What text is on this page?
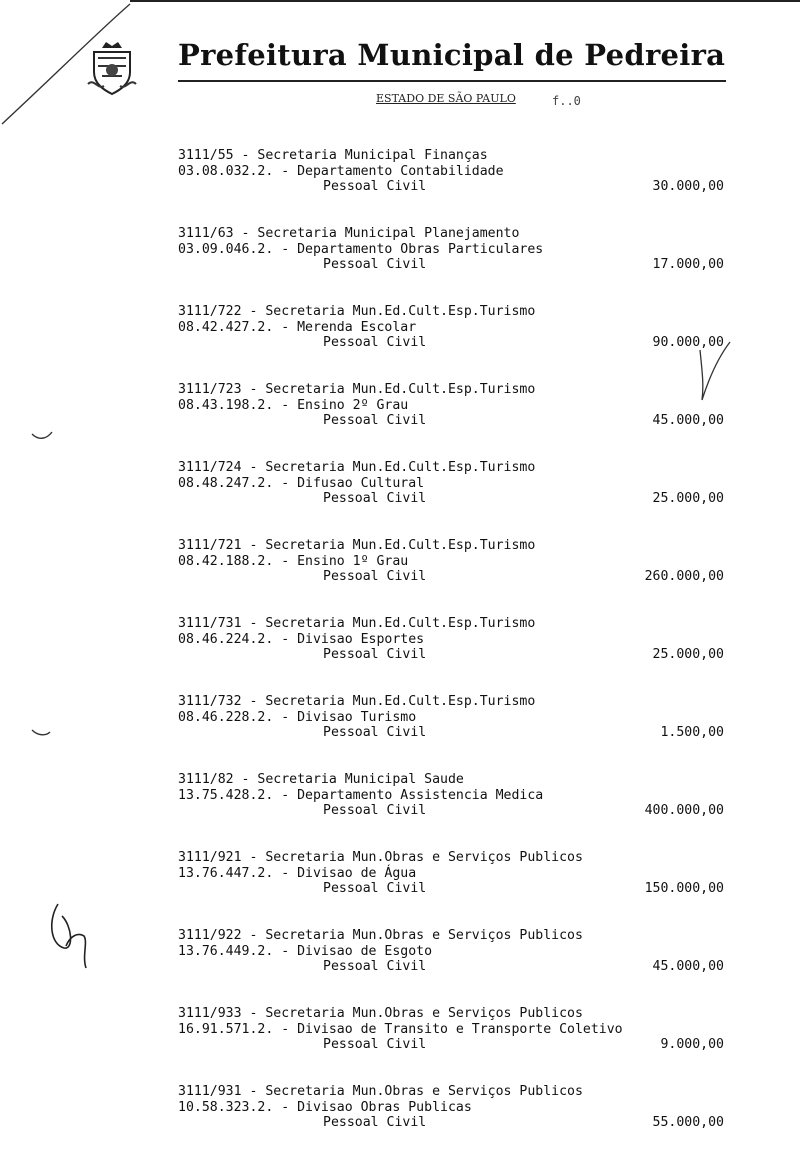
Prefeitura Municipal de Pedreira
ESTADO DE SÃO PAULO	f..0
3111/55 - Secretaria Municipal Finanças
03.08.032.2. - Departamento Contabilidade
Pessoal Civil	30.000,00
3111/63 - Secretaria Municipal Planejamento
03.09.046.2. - Departamento Obras Particulares
Pessoal Civil	17.000,00
3111/722 - Secretaria Mun.Ed.Cult.Esp.Turismo
08.42.427.2. - Merenda Escolar
Pessoal Civil	90.000,00
3111/723 - Secretaria Mun.Ed.Cult.Esp.Turismo
08.43.198.2. - Ensino 2º Grau
Pessoal Civil	45.000,00
3111/724 - Secretaria Mun.Ed.Cult.Esp.Turismo
08.48.247.2. - Difusao Cultural
Pessoal Civil	25.000,00
3111/721 - Secretaria Mun.Ed.Cult.Esp.Turismo
08.42.188.2. - Ensino 1º Grau
Pessoal Civil	260.000,00
3111/731 - Secretaria Mun.Ed.Cult.Esp.Turismo
08.46.224.2. - Divisao Esportes
Pessoal Civil	25.000,00
3111/732 - Secretaria Mun.Ed.Cult.Esp.Turismo
08.46.228.2. - Divisao Turismo
Pessoal Civil	1.500,00
3111/82 - Secretaria Municipal Saude
13.75.428.2. - Departamento Assistencia Medica
Pessoal Civil	400.000,00
3111/921 - Secretaria Mun.Obras e Serviços Publicos
13.76.447.2. - Divisao de Água
Pessoal Civil	150.000,00
3111/922 - Secretaria Mun.Obras e Serviços Publicos
13.76.449.2. - Divisao de Esgoto
Pessoal Civil	45.000,00
3111/933 - Secretaria Mun.Obras e Serviços Publicos
16.91.571.2. - Divisao de Transito e Transporte Coletivo
Pessoal Civil	9.000,00
3111/931 - Secretaria Mun.Obras e Serviços Publicos
10.58.323.2. - Divisao Obras Publicas
Pessoal Civil	55.000,00
